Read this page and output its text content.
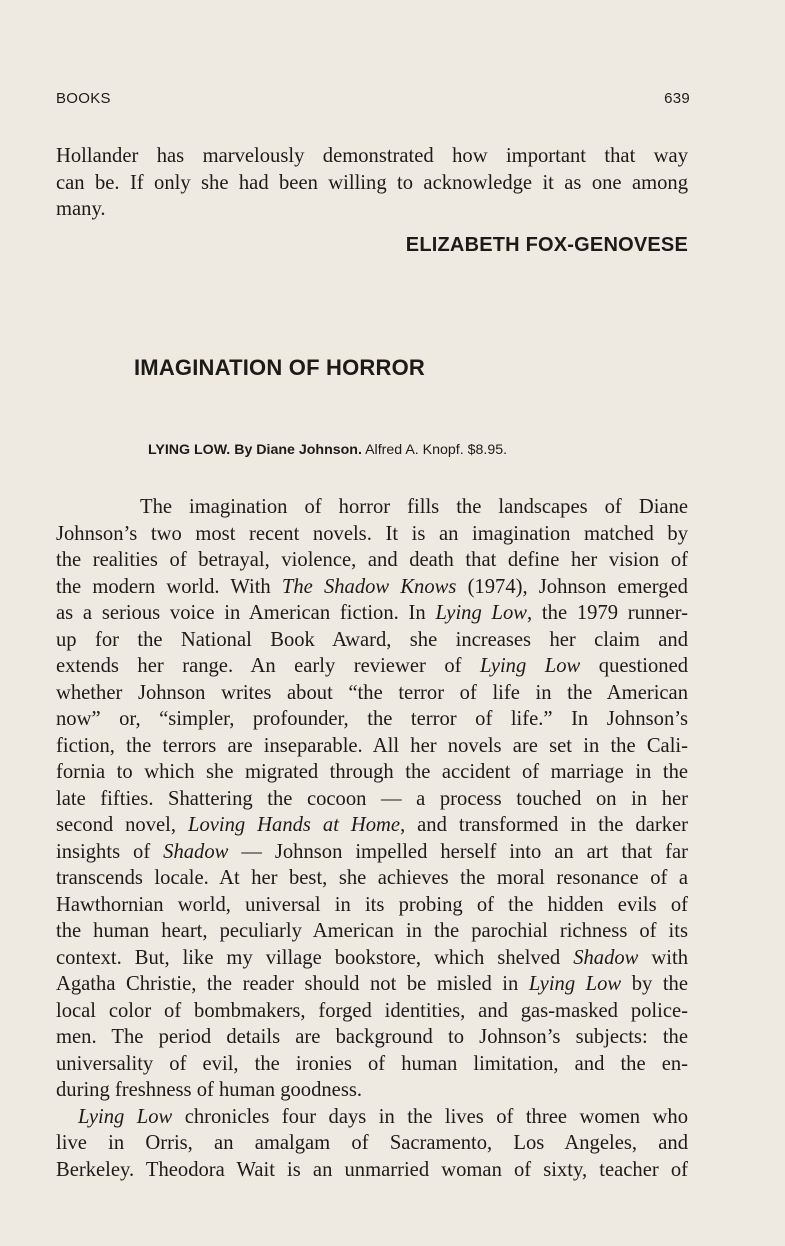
BOOKS	639
Hollander has marvelously demonstrated how important that way
can be. If only she had been willing to acknowledge it as one among
many.
ELIZABETH FOX-GENOVESE
IMAGINATION OF HORROR
LYING LOW. By Diane Johnson. Alfred A. Knopf. $8.95.
The imagination of horror fills the landscapes of Diane
Johnson’s two most recent novels. It is an imagination matched by
the realities of betrayal, violence, and death that define her vision of
the modern world. With The Shadow Knows (1974), Johnson emerged
as a serious voice in American fiction. In Lying Low, the 1979 runner-
up for the National Book Award, she increases her claim and
extends her range. An early reviewer of Lying Low questioned
whether Johnson writes about “the terror of life in the American
now” or, “simpler, profounder, the terror of life.” In Johnson’s
fiction, the terrors are inseparable. All her novels are set in the Cali-
fornia to which she migrated through the accident of marriage in the
late fifties. Shattering the cocoon — a process touched on in her
second novel, Loving Hands at Home, and transformed in the darker
insights of Shadow — Johnson impelled herself into an art that far
transcends locale. At her best, she achieves the moral resonance of a
Hawthornian world, universal in its probing of the hidden evils of
the human heart, peculiarly American in the parochial richness of its
context. But, like my village bookstore, which shelved Shadow with
Agatha Christie, the reader should not be misled in Lying Low by the
local color of bombmakers, forged identities, and gas-masked police-
men. The period details are background to Johnson’s subjects: the
universality of evil, the ironies of human limitation, and the en-
during freshness of human goodness.
Lying Low chronicles four days in the lives of three women who
live in Orris, an amalgam of Sacramento, Los Angeles, and
Berkeley. Theodora Wait is an unmarried woman of sixty, teacher of
